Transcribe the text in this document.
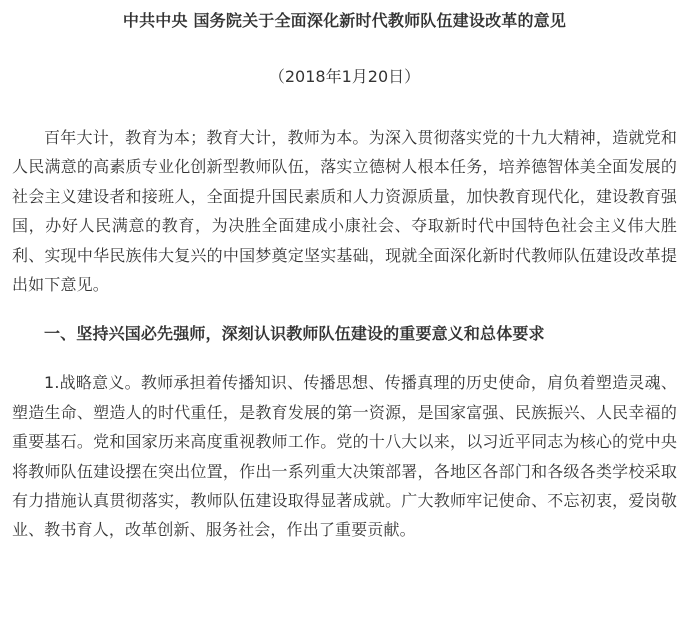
中共中央 国务院关于全面深化新时代教师队伍建设改革的意见

（2018年1月20日）

百年大计，教育为本；教育大计，教师为本。为深入贯彻落实党的十九大精神，造就党和人民满意的高素质专业化创新型教师队伍，落实立德树人根本任务，培养德智体美全面发展的社会主义建设者和接班人，全面提升国民素质和人力资源质量，加快教育现代化，建设教育强国，办好人民满意的教育，为决胜全面建成小康社会、夺取新时代中国特色社会主义伟大胜利、实现中华民族伟大复兴的中国梦奠定坚实基础，现就全面深化新时代教师队伍建设改革提出如下意见。

一、坚持兴国必先强师，深刻认识教师队伍建设的重要意义和总体要求

1.战略意义。教师承担着传播知识、传播思想、传播真理的历史使命，肩负着塑造灵魂、塑造生命、塑造人的时代重任，是教育发展的第一资源，是国家富强、民族振兴、人民幸福的重要基石。党和国家历来高度重视教师工作。党的十八大以来，以习近平同志为核心的党中央将教师队伍建设摆在突出位置，作出一系列重大决策部署，各地区各部门和各级各类学校采取有力措施认真贯彻落实，教师队伍建设取得显著成就。广大教师牢记使命、不忘初衷，爱岗敬业、教书育人，改革创新、服务社会，作出了重要贡献。
